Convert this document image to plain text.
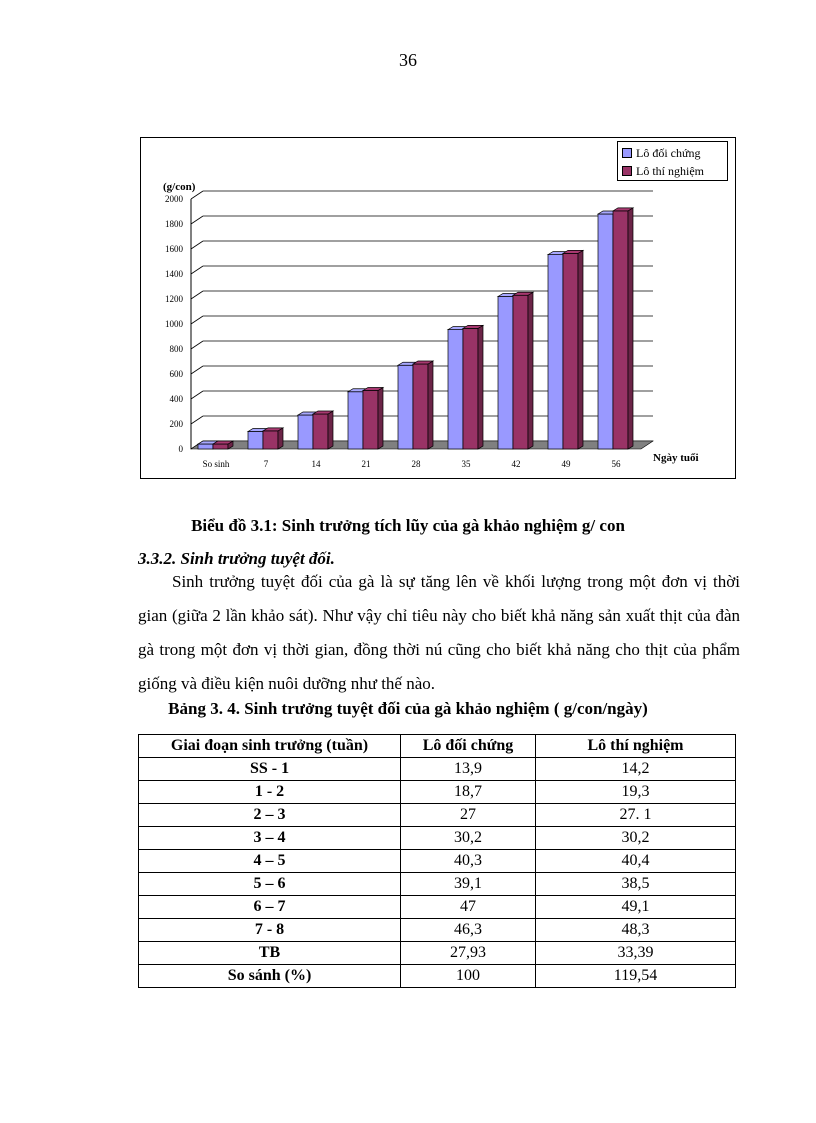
36
0
200
400
600
800
1000
1200
1400
1600
1800
2000
(g/con)
Ngày tuổi
So sinh	7	14	21	28	35	42	49	56
Lô đối chứng
Lô thí nghiệm
Biểu đồ 3.1: Sinh trưởng tích lũy của gà khảo nghiệm g/ con
3.3.2. Sinh trưởng tuyệt đối.

Sinh trưởng tuyệt đối của gà là sự tăng lên về khối lượng trong một đơn vị thời gian (giữa 2 lần khảo sát). Như vậy chỉ tiêu này cho biết khả năng sản xuất thịt của đàn gà trong một đơn vị thời gian, đồng thời nú cũng cho biết khả năng cho thịt của phẩm giống và điều kiện nuôi dưỡng như thế nào.

Bảng 3. 4. Sinh trưởng tuyệt đối của gà khảo nghiệm ( g/con/ngày)
Giai đoạn sinh trưởng (tuần)	Lô đối chứng	Lô thí nghiệm
SS - 1	13,9	14,2
1 - 2	18,7	19,3
2 – 3	27	27. 1
3 – 4	30,2	30,2
4 – 5	40,3	40,4
5 – 6	39,1	38,5
6 – 7	47	49,1
7 - 8	46,3	48,3
TB	27,93	33,39
So sánh (%)	100	119,54
